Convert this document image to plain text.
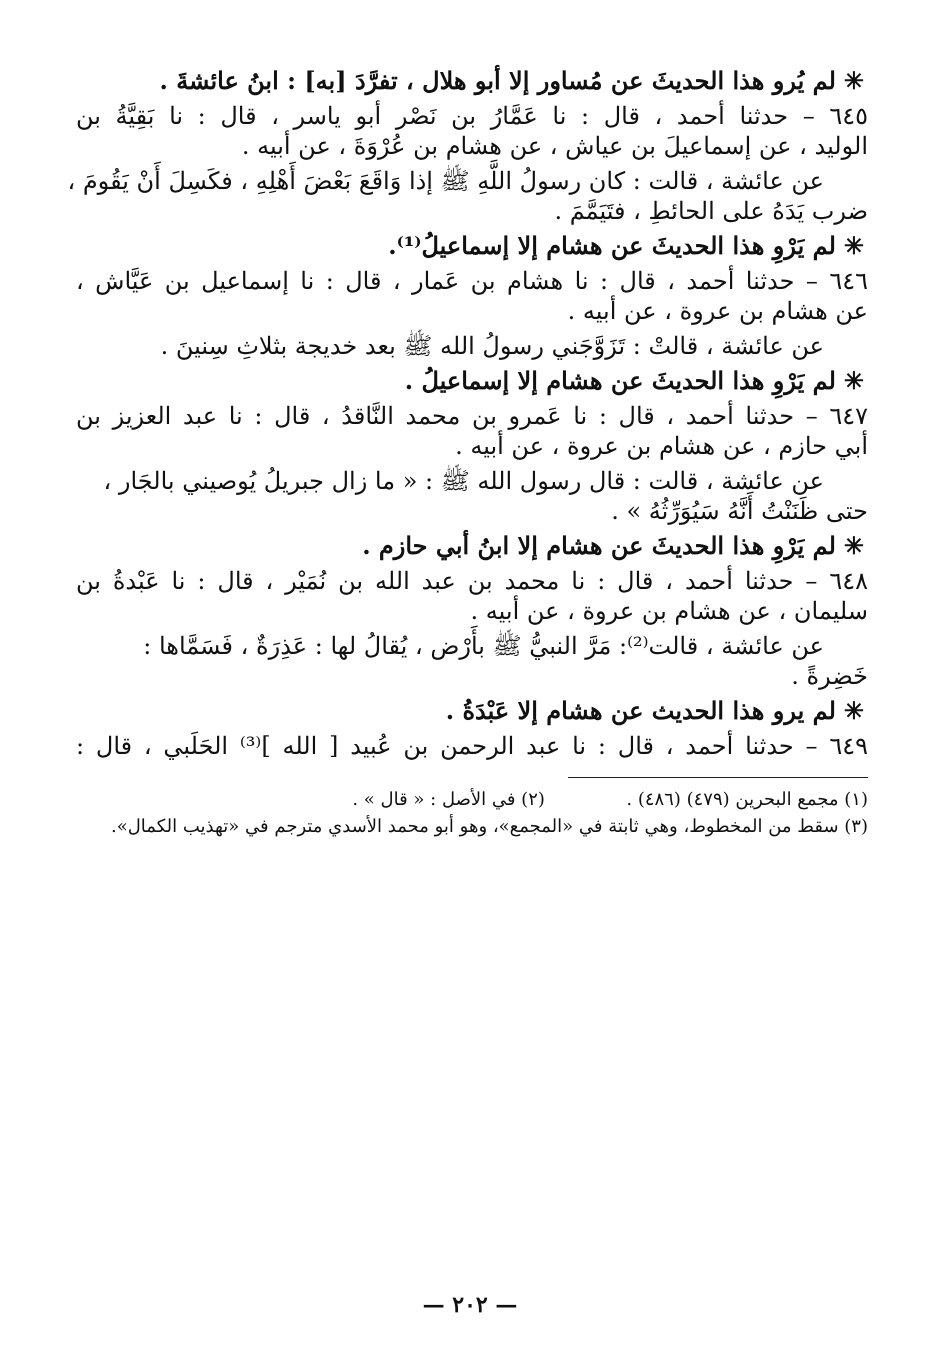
✳لم يُرو هذا الحديثَ عن مُساور إلا أبو هلال ، تفرَّدَ [به] : ابنُ عائشةَ .

٦٤٥ – حدثنا أحمد ، قال : نا عَمَّارُ بن نَصْر أبو ياسر ، قال : نا بَقِيَّةُ بن

الوليد ، عن إسماعيلَ بن عياش ، عن هشام بن عُرْوَةَ ، عن أبيه .

عن عائشة ، قالت : كان رسولُ اللَّهِ ﷺ إذا وَاقَعَ بَعْضَ أَهْلِهِ ، فكَسِلَ أَنْ يَقُومَ ،

ضرب يَدَهُ على الحائطِ ، فتَيَمَّمَ .

✳لم يَرْوِ هذا الحديثَ عن هشام إلا إسماعيلُ⁽¹⁾.

٦٤٦ – حدثنا أحمد ، قال : نا هشام بن عَمار ، قال : نا إسماعيل بن عَيَّاش ،

عن هشام بن عروة ، عن أبيه .

عن عائشة ، قالتْ : تَزَوَّجَني رسولُ الله ﷺ بعد خديجة بثلاثِ سِنينَ .

✳لم يَرْوِ هذا الحديثَ عن هشام إلا إسماعيلُ .

٦٤٧ – حدثنا أحمد ، قال : نا عَمرو بن محمد النَّاقدُ ، قال : نا عبد العزيز بن

أبي حازم ، عن هشام بن عروة ، عن أبيه .

عن عائشة ، قالت : قال رسول الله ﷺ : « ما زال جبريلُ يُوصيني بالجَار ،

حتى ظَنَنْتُ أَنَّهُ سَيُوَرِّثُهُ » .

✳لم يَرْوِ هذا الحديثَ عن هشام إلا ابنُ أبي حازم .

٦٤٨ – حدثنا أحمد ، قال : نا محمد بن عبد الله بن نُمَيْر ، قال : نا عَبْدةُ بن

سليمان ، عن هشام بن عروة ، عن أبيه .

عن عائشة ، قالت⁽²⁾: مَرَّ النبيُّ ﷺ بأَرْض ، يُقالُ لها : عَذِرَةٌ ، فَسَمَّاها :

خَضِرةً .

✳لم يرو هذا الحديث عن هشام إلا عَبْدَةُ .

٦٤٩ – حدثنا أحمد ، قال : نا عبد الرحمن بن عُبيد [ الله ]⁽³⁾ الحَلَبي ، قال :

(١) مجمع البحرين (٤٧٩) (٤٨٦) .  (٢) في الأصل : « قال » .

(٣) سقط من المخطوط، وهي ثابتة في «المجمع»، وهو أبو محمد الأسدي مترجم في «تهذيب الكمال».

— ٢٠٢ —
